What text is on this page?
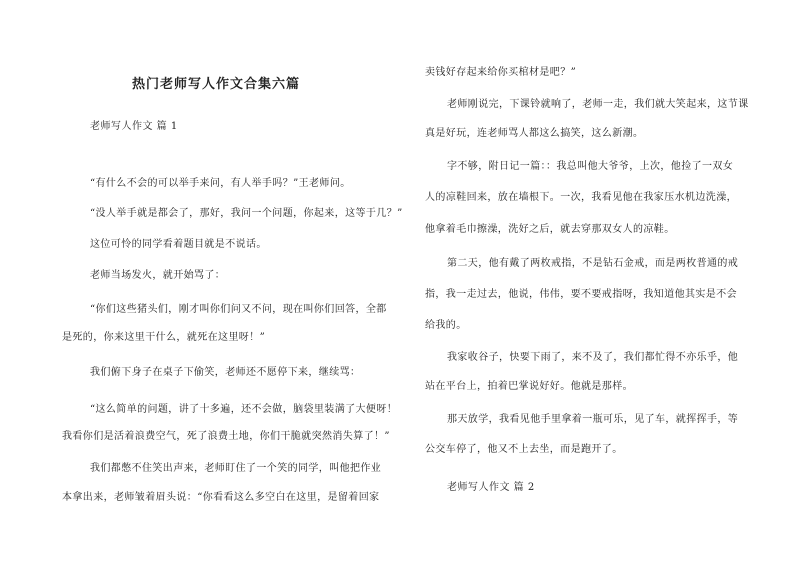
热门老师写人作文合集六篇
老师写人作文 篇 1
“有什么不会的可以举手来问，有人举手吗？”王老师问。
“没人举手就是都会了，那好，我问一个问题，你起来，这等于几？”
这位可怜的同学看着题目就是不说话。
老师当场发火，就开始骂了：
“你们这些猪头们，刚才叫你们问又不问，现在叫你们回答，全都
是死的，你来这里干什么，就死在这里呀！”
我们俯下身子在桌子下偷笑，老师还不愿停下来，继续骂：
“这么简单的问题，讲了十多遍，还不会做，脑袋里装满了大便呀！
我看你们是活着浪费空气，死了浪费土地，你们干脆就突然消失算了！”
我们都憋不住笑出声来，老师盯住了一个笑的同学，叫他把作业
本拿出来，老师皱着眉头说：“你看看这么多空白在这里，是留着回家
卖钱好存起来给你买棺材是吧？”
老师刚说完，下课铃就响了，老师一走，我们就大笑起来，这节课
真是好玩，连老师骂人都这么搞笑，这么新潮。
字不够，附日记一篇：：我总叫他大爷爷，上次，他捡了一双女
人的凉鞋回来，放在墙根下。一次，我看见他在我家压水机边洗澡，
他拿着毛巾擦澡，洗好之后，就去穿那双女人的凉鞋。
第二天，他有戴了两枚戒指，不是钻石金戒，而是两枚普通的戒
指，我一走过去，他说，伟伟，要不要戒指呀，我知道他其实是不会
给我的。
我家收谷子，快要下雨了，来不及了，我们都忙得不亦乐乎，他
站在平台上，拍着巴掌说好好。他就是那样。
那天放学，我看见他手里拿着一瓶可乐，见了车，就挥挥手，等
公交车停了，他又不上去坐，而是跑开了。
老师写人作文 篇 2
